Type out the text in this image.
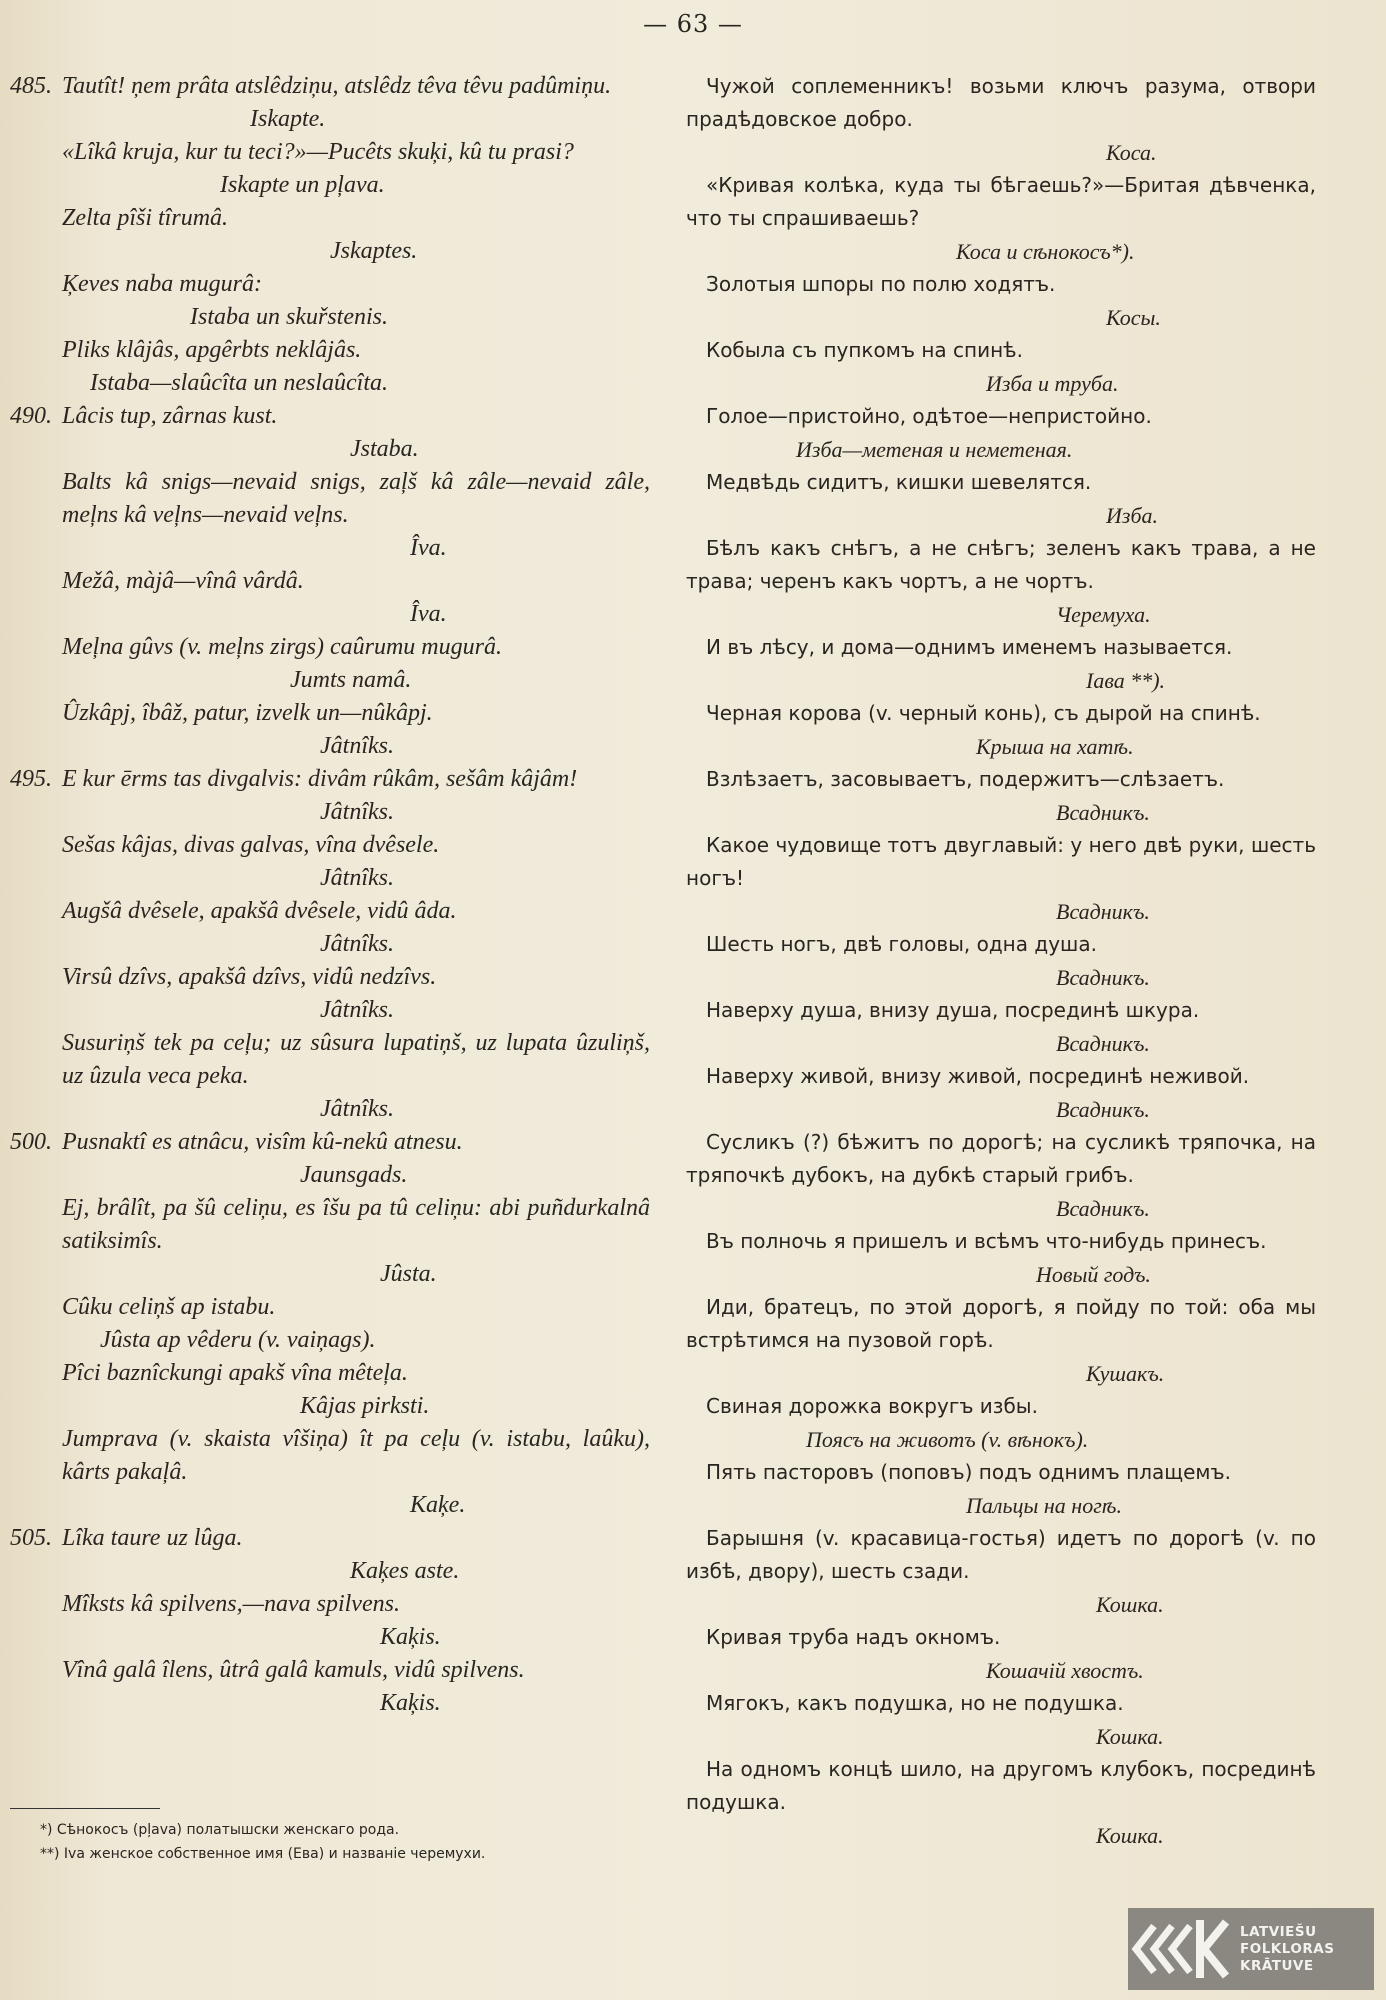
— 63 —

485. Tautît! ņem prâta atslêdziņu, atslêdz têva têvu padûmiņu.

Iskapte.

«Lîkâ kruja, kur tu teci?»—Pucêts skuķi, kû tu prasi?

Iskapte un pļava.

Zelta pîši tîrumâ.

Jskaptes.

Ķeves naba mugurâ:

Istaba un skuřstenis.

Pliks klâjâs, apgêrbts neklâjâs.

Istaba—slaûcîta un neslaûcîta.

490. Lâcis tup, zârnas kust.

Jstaba.

Balts kâ snigs—nevaid snigs, zaļš kâ zâle—nevaid zâle, meļns kâ veļns—nevaid veļns.

Îva.

Mežâ, màjâ—vînâ vârdâ.

Îva.

Meļna gûvs (v. meļns zirgs) caûrumu mugurâ.

Jumts namâ.

Ûzkâpj, îbâž, patur, izvelk un—nûkâpj.

Jâtnîks.

495. E kur ērms tas divgalvis: divâm rûkâm, sešâm kâjâm!

Jâtnîks.

Sešas kâjas, divas galvas, vîna dvêsele.

Jâtnîks.

Augšâ dvêsele, apakšâ dvêsele, vidû âda.

Jâtnîks.

Virsû dzîvs, apakšâ dzîvs, vidû nedzîvs.

Jâtnîks.

Susuriņš tek pa ceļu; uz sûsura lupatiņš, uz lupata ûzuliņš, uz ûzula veca peka.

Jâtnîks.

500. Pusnaktî es atnâcu, visîm kû-nekû atnesu.

Jaunsgads.

Ej, brâlît, pa šû celiņu, es îšu pa tû celiņu: abi puñdurkalnâ satiksimîs.

Jûsta.

Cûku celiņš ap istabu.

Jûsta ap vêderu (v. vaiņags).

Pîci baznîckungi apakš vîna mêteļa.

Kâjas pirksti.

Jumprava (v. skaista vîšiņa) ît pa ceļu (v. istabu, laûku), kârts pakaļâ.

Kaķe.

505. Lîka taure uz lûga.

Kaķes aste.

Mîksts kâ spilvens,—nava spilvens.

Kaķis.

Vînâ galâ îlens, ûtrâ galâ kamuls, vidû spilvens.

Kaķis.

Чужой соплеменникъ! возьми ключъ разума, отвори прадѣдовское добро.

Коса.

«Кривая колѣка, куда ты бѣгаешь?»—Бритая дѣвченка, что ты спрашиваешь?

Коса и сѣнокосъ*).

Золотыя шпоры по полю ходятъ.

Косы.

Кобыла съ пупкомъ на спинѣ.

Изба и труба.

Голое—пристойно, одѣтое—непристойно.

Изба—метеная и неметеная.

Медвѣдь сидитъ, кишки шевелятся.

Изба.

Бѣлъ какъ снѣгъ, а не снѣгъ; зеленъ какъ трава, а не трава; черенъ какъ чортъ, а не чортъ.

Черемуха.

И въ лѣсу, и дома—однимъ именемъ называется.

Іава **).

Черная корова (v. черный конь), съ дырой на спинѣ.

Крыша на хатѣ.

Взлѣзаетъ, засовываетъ, подержитъ—слѣзаетъ.

Всадникъ.

Какое чудовище тотъ двуглавый: у него двѣ руки, шесть ногъ!

Всадникъ.

Шесть ногъ, двѣ головы, одна душа.

Всадникъ.

Наверху душа, внизу душа, посрединѣ шкура.

Всадникъ.

Наверху живой, внизу живой, посрединѣ неживой.

Всадникъ.

Сусликъ (?) бѣжитъ по дорогѣ; на сусликѣ тряпочка, на тряпочкѣ дубокъ, на дубкѣ старый грибъ.

Всадникъ.

Въ полночь я пришелъ и всѣмъ что-нибудь принесъ.

Новый годъ.

Иди, братецъ, по этой дорогѣ, я пойду по той: оба мы встрѣтимся на пузовой горѣ.

Кушакъ.

Свиная дорожка вокругъ избы.

Поясъ на животъ (v. вѣнокъ).

Пять пасторовъ (поповъ) подъ однимъ плащемъ.

Пальцы на ногѣ.

Барышня (v. красавица-гостья) идетъ по дорогѣ (v. по избѣ, двору), шесть сзади.

Кошка.

Кривая труба надъ окномъ.

Кошачій хвостъ.

Мягокъ, какъ подушка, но не подушка.

Кошка.

На одномъ концѣ шило, на другомъ клубокъ, посрединѣ подушка.

Кошка.

*) Сѣнокосъ (pļava) полатышски женскаго рода.

**) Iva женское собственное имя (Ева) и названіе черемухи.

LATVIEŠU
FOLKLORAS
KRĀTUVE
